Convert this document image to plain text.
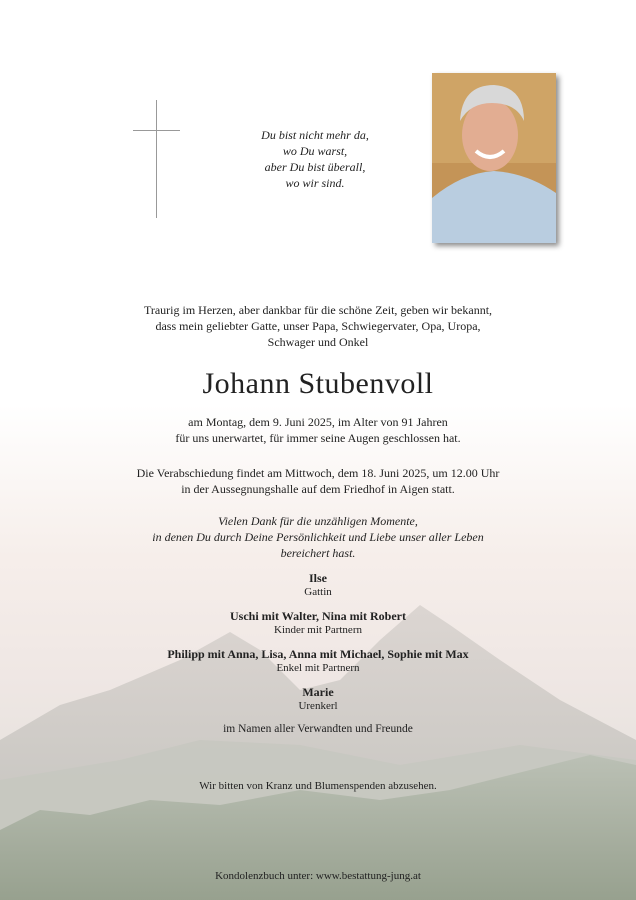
Du bist nicht mehr da,

wo Du warst,

aber Du bist überall,

wo wir sind.

Traurig im Herzen, aber dankbar für die schöne Zeit, geben wir bekannt,

dass mein geliebter Gatte, unser Papa, Schwiegervater, Opa, Uropa,

Schwager und Onkel

Johann Stubenvoll

am Montag, dem 9. Juni 2025, im Alter von 91 Jahren

für uns unerwartet, für immer seine Augen geschlossen hat.

Die Verabschiedung findet am Mittwoch, dem 18. Juni 2025, um 12.00 Uhr

in der Aussegnungshalle auf dem Friedhof in Aigen statt.

Vielen Dank für die unzähligen Momente,

in denen Du durch Deine Persönlichkeit und Liebe unser aller Leben

bereichert hast.

Ilse

Gattin

Uschi mit Walter, Nina mit Robert

Kinder mit Partnern

Philipp mit Anna, Lisa, Anna mit Michael, Sophie mit Max

Enkel mit Partnern

Marie

Urenkerl

im Namen aller Verwandten und Freunde
Wir bitten von Kranz und Blumenspenden abzusehen.
Kondolenzbuch unter: www.bestattung-jung.at
